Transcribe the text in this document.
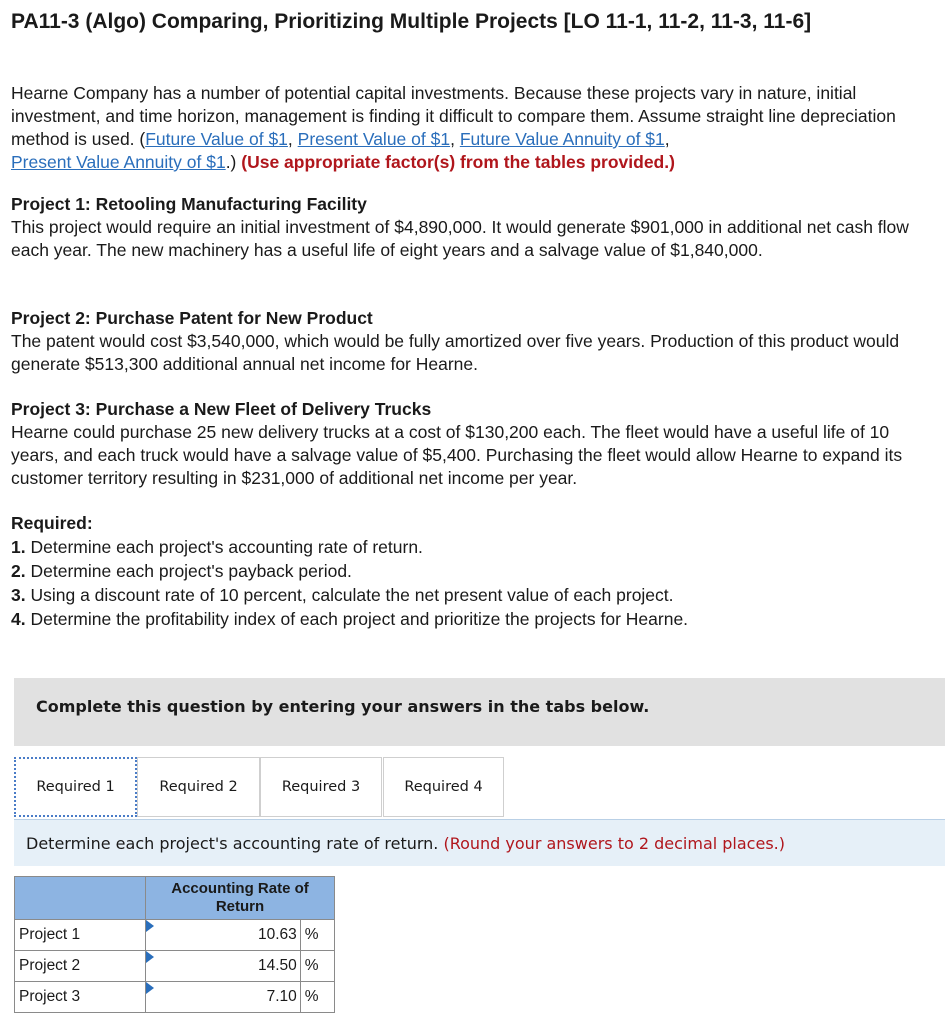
PA11-3 (Algo) Comparing, Prioritizing Multiple Projects [LO 11-1, 11-2, 11-3, 11-6]
Hearne Company has a number of potential capital investments. Because these projects vary in nature, initial investment, and time horizon, management is finding it difficult to compare them. Assume straight line depreciation method is used. (Future Value of $1, Present Value of $1, Future Value Annuity of $1,
Present Value Annuity of $1.) (Use appropriate factor(s) from the tables provided.)
Project 1: Retooling Manufacturing Facility
This project would require an initial investment of $4,890,000. It would generate $901,000 in additional net cash flow each year. The new machinery has a useful life of eight years and a salvage value of $1,840,000.
Project 2: Purchase Patent for New Product
The patent would cost $3,540,000, which would be fully amortized over five years. Production of this product would generate $513,300 additional annual net income for Hearne.
Project 3: Purchase a New Fleet of Delivery Trucks
Hearne could purchase 25 new delivery trucks at a cost of $130,200 each. The fleet would have a useful life of 10 years, and each truck would have a salvage value of $5,400. Purchasing the fleet would allow Hearne to expand its customer territory resulting in $231,000 of additional net income per year.
Required:
1. Determine each project's accounting rate of return.
2. Determine each project's payback period.
3. Using a discount rate of 10 percent, calculate the net present value of each project.
4. Determine the profitability index of each project and prioritize the projects for Hearne.
Complete this question by entering your answers in the tabs below.
Required 1	Required 2	Required 3	Required 4
Determine each project's accounting rate of return. (Round your answers to 2 decimal places.)
	Accounting Rate of Return	
Project 1	10.63	%
Project 2	14.50	%
Project 3	7.10	%
